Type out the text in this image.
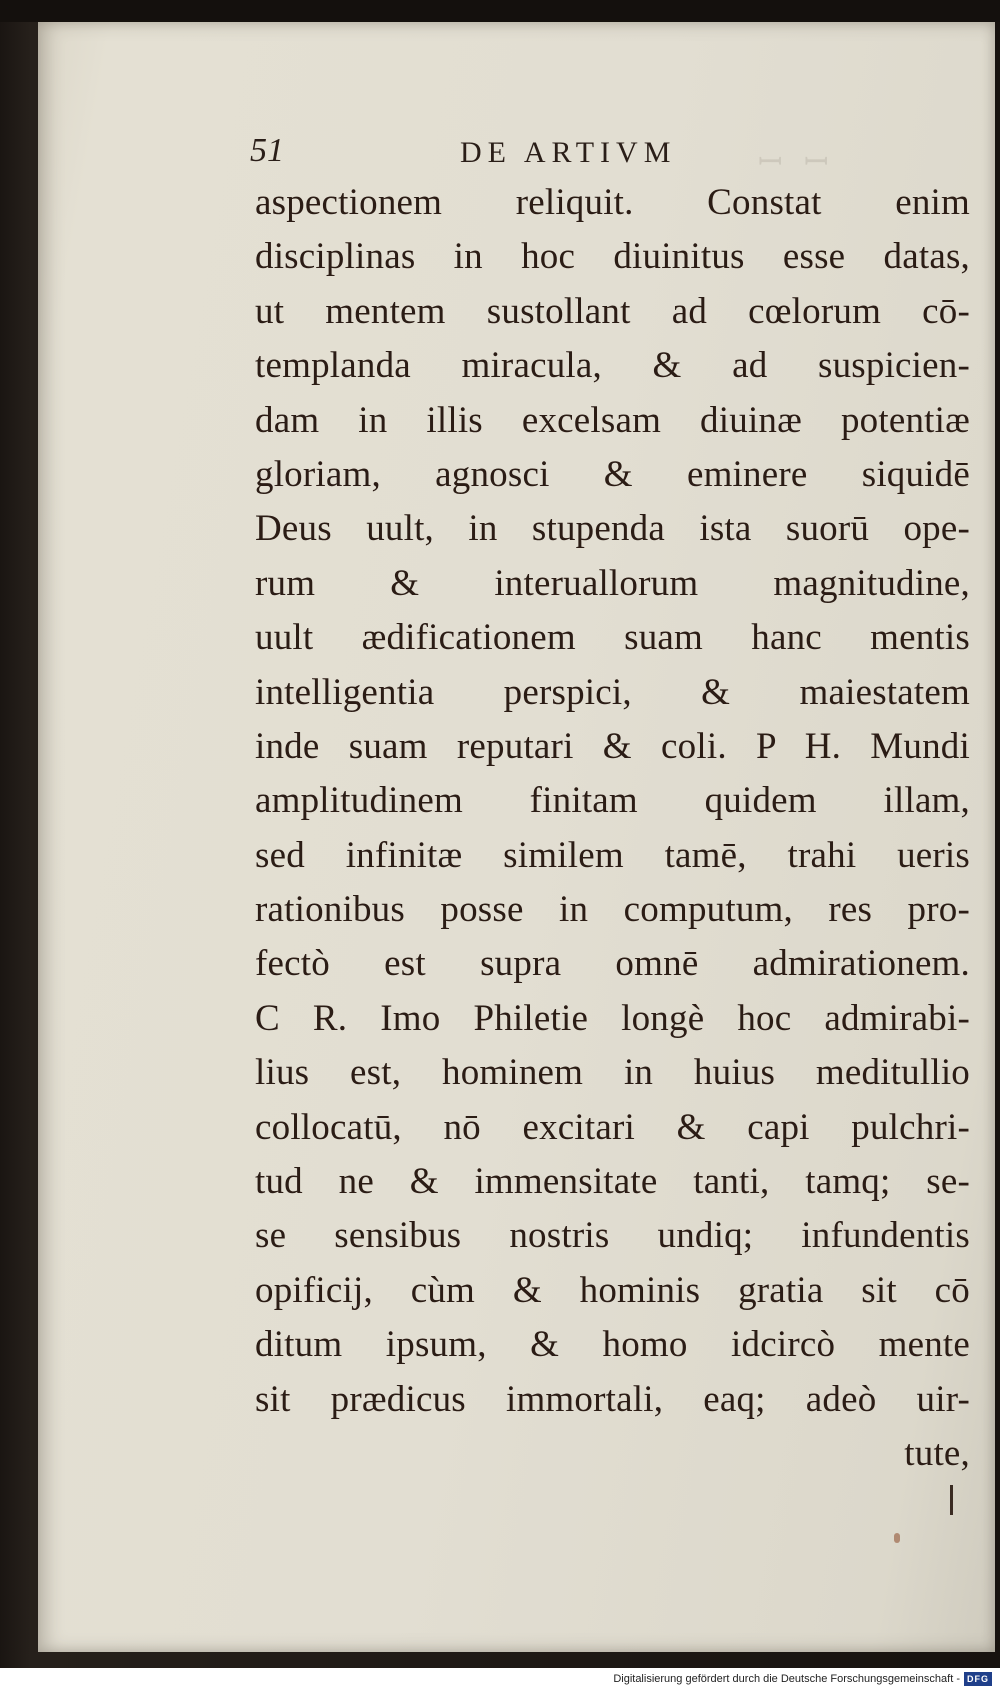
ꟷ ꟷ
51	DE ARTIVM
aspectionem reliquit. Constat enim
disciplinas in hoc diuinitus esse datas,
ut mentem sustollant ad cœlorum cō-
templanda miracula, & ad suspicien-
dam in illis excelsam diuinæ potentiæ
gloriam, agnosci & eminere siquidē
Deus uult, in stupenda ista suorū ope-
rum & interuallorum magnitudine,
uult ædificationem suam hanc mentis
intelligentia perspici, & maiestatem
inde suam reputari & coli. P H. Mundi
amplitudinem finitam quidem illam,
sed infinitæ similem tamē, trahi ueris
rationibus posse in computum, res pro-
fectò est supra omnē admirationem.
C R. Imo Philetie longè hoc admirabi-
lius est, hominem in huius meditullio
collocatū, nō excitari & capi pulchri-
tud ne & immensitate tanti, tamq; se-
se sensibus nostris undiq; infundentis
opificij, cùm & hominis gratia sit cō
ditum ipsum, & homo idcircò mente
sit prædicus immortali, eaq; adeò uir-
tute,
Digitalisierung gefördert durch die Deutsche Forschungsgemeinschaft - DFG
